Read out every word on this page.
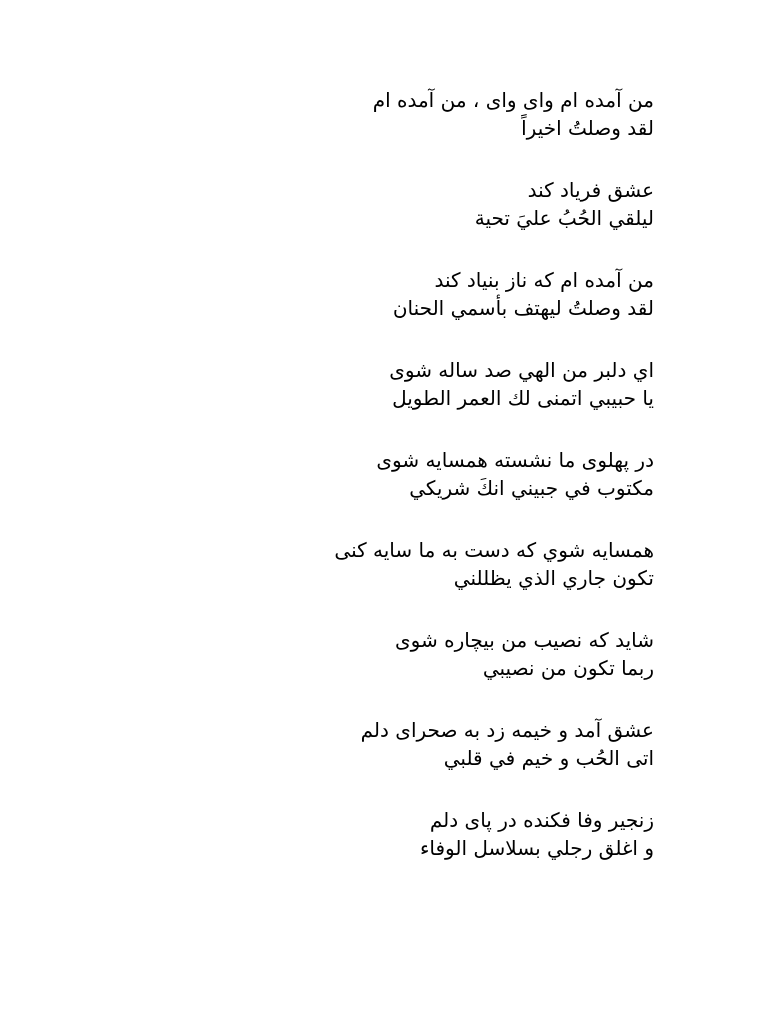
من آمده ام وای وای ، من آمده ام
لقد وصلتُ اخيراً
عشق فریاد کند
ليلقي الحُبُ عليَ تحية
من آمده ام که ناز بنیاد کند
لقد وصلتُ ليهتف بأسمي الحنان
اي دلبر من الهي صد ساله شوی
يا حبيبي اتمنى لك العمر الطويل
در پهلوی ما نشسته همسایه شوی
مكتوب في جبيني انكَ شريكي
همسایه شوي که دست به ما سایه کنی
تكون جاري الذي يظللني
شاید که نصیب من بیچاره شوی
ربما تكون من نصيبي
عشق آمد و خیمه زد به صحرای دلم
اتى الحُب و خيم في قلبي
زنجیر وفا فکنده در پای دلم
و اغلق رجلي بسلاسل الوفاء
